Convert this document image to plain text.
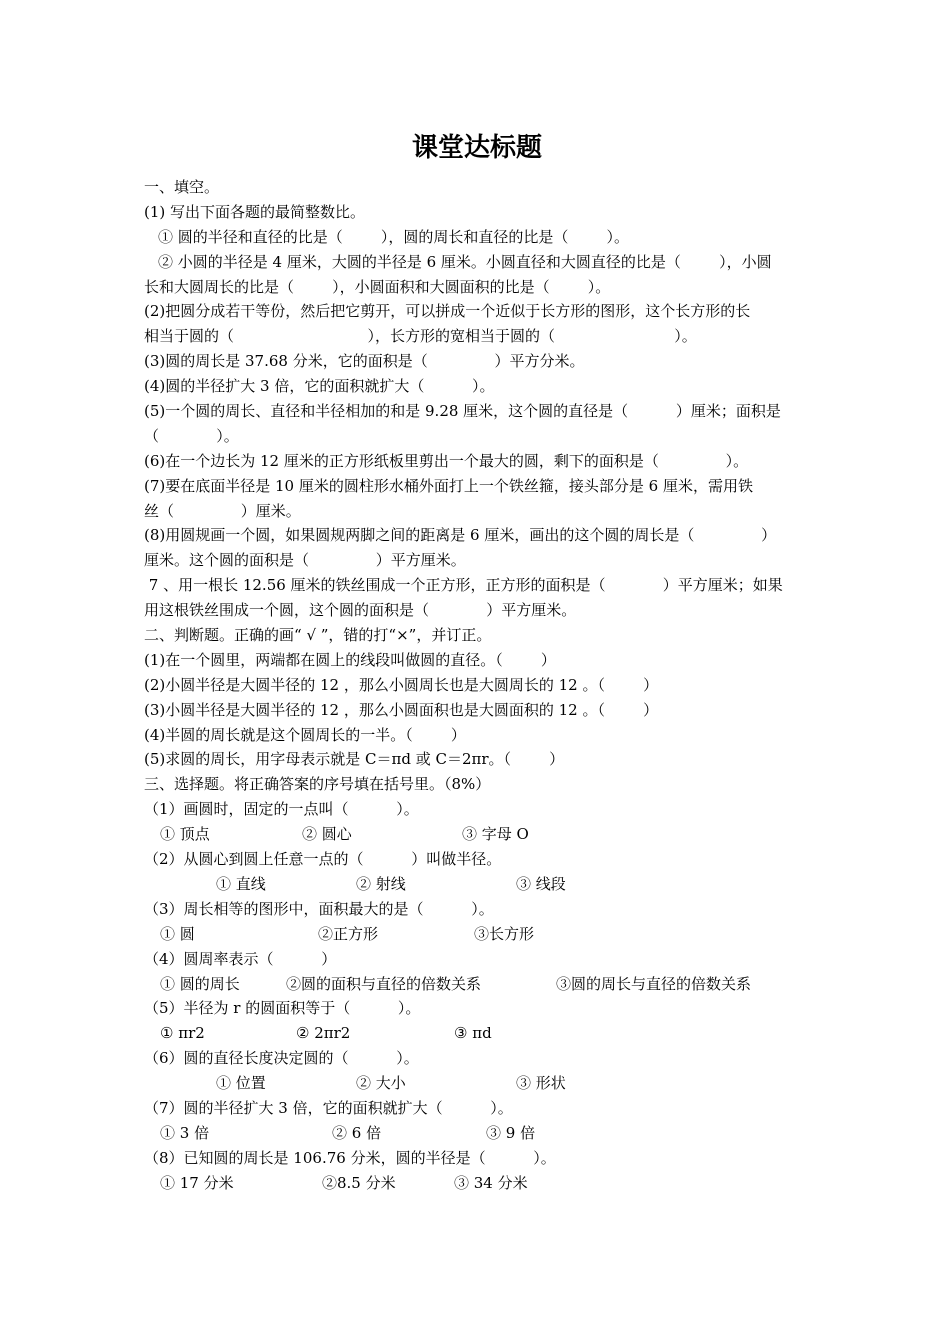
课堂达标题
一、填空。
(1) 写出下面各题的最简整数比。
① 圆的半径和直径的比是（        ），圆的周长和直径的比是（        ）。
② 小圆的半径是 4 厘米，大圆的半径是 6 厘米。小圆直径和大圆直径的比是（        ），小圆
长和大圆周长的比是（        ），小圆面积和大圆面积的比是（        ）。
(2)把圆分成若干等份，然后把它剪开，可以拼成一个近似于长方形的图形，这个长方形的长
相当于圆的（                            ），长方形的宽相当于圆的（                         ）。
(3)圆的周长是 37.68 分米，它的面积是（              ）平方分米。
(4)圆的半径扩大 3 倍，它的面积就扩大（          ）。
(5)一个圆的周长、直径和半径相加的和是 9.28 厘米，这个圆的直径是（          ）厘米；面积是
（            ）。
(6)在一个边长为 12 厘米的正方形纸板里剪出一个最大的圆，剩下的面积是（              ）。
(7)要在底面半径是 10 厘米的圆柱形水桶外面打上一个铁丝箍，接头部分是 6 厘米，需用铁
丝（              ）厘米。
(8)用圆规画一个圆，如果圆规两脚之间的距离是 6 厘米，画出的这个圆的周长是（              ）
厘米。这个圆的面积是（              ）平方厘米。
7 、用一根长 12.56 厘米的铁丝围成一个正方形，正方形的面积是（            ）平方厘米；如果
用这根铁丝围成一个圆，这个圆的面积是（            ）平方厘米。
二、判断题。正确的画“ √ ”，错的打“×”，并订正。
(1)在一个圆里，两端都在圆上的线段叫做圆的直径。（        ）
(2)小圆半径是大圆半径的 12 ，那么小圆周长也是大圆周长的 12 。（        ）
(3)小圆半径是大圆半径的 12 ，那么小圆面积也是大圆面积的 12 。（        ）
(4)半圆的周长就是这个圆周长的一半。（        ）
(5)求圆的周长，用字母表示就是 C＝πd 或 C＝2πr。（        ）
三、选择题。将正确答案的序号填在括号里。（8%）
（1）画圆时，固定的一点叫（          ）。
① 顶点	② 圆心	③ 字母 O
（2）从圆心到圆上任意一点的（          ）叫做半径。
① 直线	② 射线	③ 线段
（3）周长相等的图形中，面积最大的是（          ）。
① 圆	②正方形	③长方形
（4）圆周率表示（          ）
① 圆的周长	②圆的面积与直径的倍数关系	③圆的周长与直径的倍数关系
（5）半径为 r 的圆面积等于（          ）。
① πr2	② 2πr2	③ πd
（6）圆的直径长度决定圆的（          ）。
① 位置	② 大小	③ 形状
（7）圆的半径扩大 3 倍，它的面积就扩大（          ）。
① 3 倍	② 6 倍	③ 9 倍
（8）已知圆的周长是 106.76 分米，圆的半径是（          ）。
① 17 分米	②8.5 分米	③ 34 分米
